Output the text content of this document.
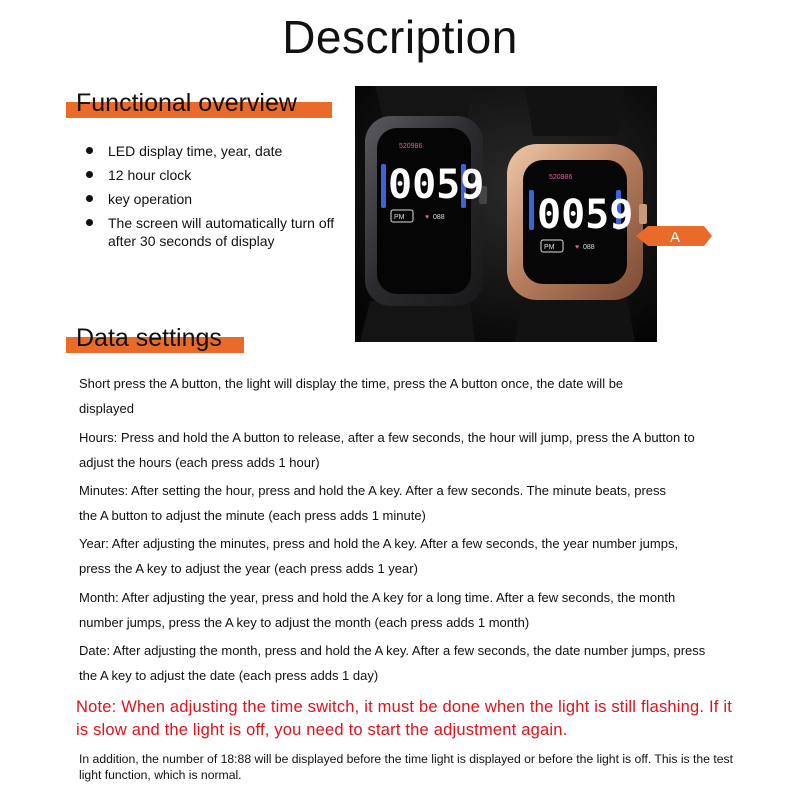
Description
Functional overview
LED display time, year, date
12 hour clock
key operation
The screen will automatically turn off after 30 seconds of display
520986
0059
PM	♥ 088
520986
0059
PM	♥ 088
A
Data settings
Short press the A button, the light will display the time, press the A button once, the date will be displayed
Hours: Press and hold the A button to release, after a few seconds, the hour will jump, press the A button to adjust the hours (each press adds 1 hour)
Minutes: After setting the hour, press and hold the A key. After a few seconds. The minute beats, press the A button to adjust the minute (each press adds 1 minute)
Year: After adjusting the minutes, press and hold the A key. After a few seconds, the year number jumps, press the A key to adjust the year (each press adds 1 year)
Month: After adjusting the year, press and hold the A key for a long time. After a few seconds, the month number jumps, press the A key to adjust the month (each press adds 1 month)
Date: After adjusting the month, press and hold the A key. After a few seconds, the date number jumps, press the A key to adjust the date (each press adds 1 day)
Note: When adjusting the time switch, it must be done when the light is still flashing. If it is slow and the light is off, you need to start the adjustment again.
In addition, the number of 18:88 will be displayed before the time light is displayed or before the light is off. This is the test light function, which is normal.
